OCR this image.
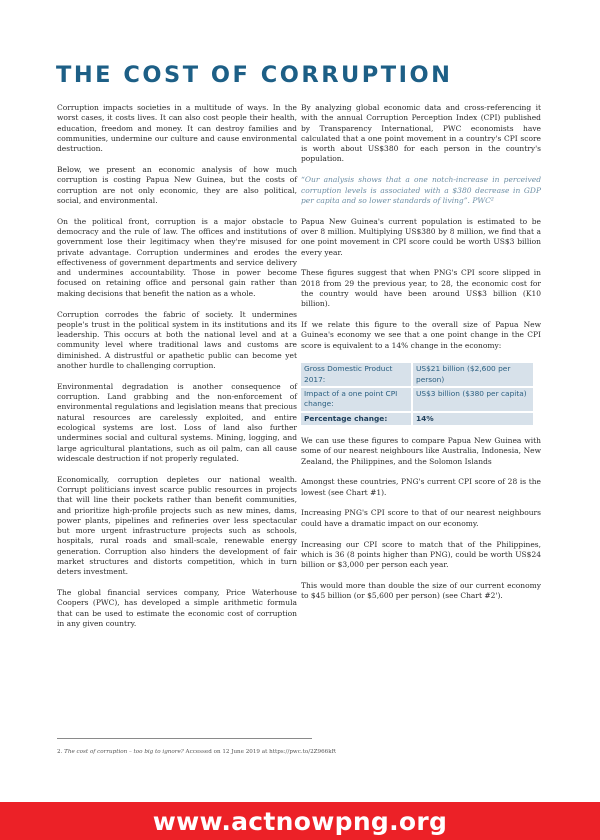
THE COST OF CORRUPTION

Corruption impacts societies in a multitude of ways. In the worst cases, it costs lives. It can also cost people their health, education, freedom and money. It can destroy families and communities, undermine our culture and cause environmental destruction.

Below, we present an economic analysis of how much corruption is costing Papua New Guinea, but the costs of corruption are not only economic, they are also political, social, and environmental.

On the political front, corruption is a major obstacle to democracy and the rule of law. The offices and institutions of government lose their legitimacy when they're misused for private advantage. Corruption undermines and erodes the effectiveness of government departments and service delivery and undermines accountability. Those in power become focused on retaining office and personal gain rather than making decisions that benefit the nation as a whole.

Corruption corrodes the fabric of society. It undermines people's trust in the political system in its institutions and its leadership. This occurs at both the national level and at a community level where traditional laws and customs are diminished. A distrustful or apathetic public can become yet another hurdle to challenging corruption.

Environmental degradation is another consequence of corruption. Land grabbing and the non-enforcement of environmental regulations and legislation means that precious natural resources are carelessly exploited, and entire ecological systems are lost. Loss of land also further undermines social and cultural systems. Mining, logging, and large agricultural plantations, such as oil palm, can all cause widescale destruction if not properly regulated.

Economically, corruption depletes our national wealth. Corrupt politicians invest scarce public resources in projects that will line their pockets rather than benefit communities, and prioritize high-profile projects such as new mines, dams, power plants, pipelines and refineries over less spectacular but more urgent infrastructure projects such as schools, hospitals, rural roads and small-scale, renewable energy generation. Corruption also hinders the development of fair market structures and distorts competition, which in turn deters investment.

The global financial services company, Price Waterhouse Coopers (PWC), has developed a simple arithmetic formula that can be used to estimate the economic cost of corruption in any given country.

By analyzing global economic data and cross-referencing it with the annual Corruption Perception Index (CPI) published by Transparency International, PWC economists have calculated that a one point movement in a country's CPI score is worth about US$380 for each person in the country's population.

“Our analysis shows that a one notch-increase in perceived corruption levels is associated with a $380 decrease in GDP per capita and so lower standards of living”. PWC²

Papua New Guinea's current population is estimated to be over 8 million. Multiplying US$380 by 8 million, we find that a one point movement in CPI score could be worth US$3 billion every year.

These figures suggest that when PNG's CPI score slipped in 2018 from 29 the previous year, to 28, the economic cost for the country would have been around US$3 billion (K10 billion).

If we relate this figure to the overall size of Papua New Guinea's economy we see that a one point change in the CPI score is equivalent to a 14% change in the economy:

Gross Domestic Product 2017:	US$21 billion ($2,600 per person)
Impact of a one point CPI change:	US$3 billion ($380 per capita)
Percentage change:	14%

We can use these figures to compare Papua New Guinea with some of our nearest neighbours like Australia, Indonesia, New Zealand, the Philippines, and the Solomon Islands

Amongst these countries, PNG's current CPI score of 28 is the lowest (see Chart #1).

Increasing PNG's CPI score to that of our nearest neighbours could have a dramatic impact on our economy.

Increasing our CPI score to match that of the Philippines, which is 36 (8 points higher than PNG), could be worth US$24 billion or $3,000 per person each year.

This would more than double the size of our current economy to $45 billion (or $5,600 per person) (see Chart #2').

2. The cost of corruption – too big to ignore? Accessed on 12 June 2019 at https://pwc.to/2Z966kR
www.actnowpng.org
